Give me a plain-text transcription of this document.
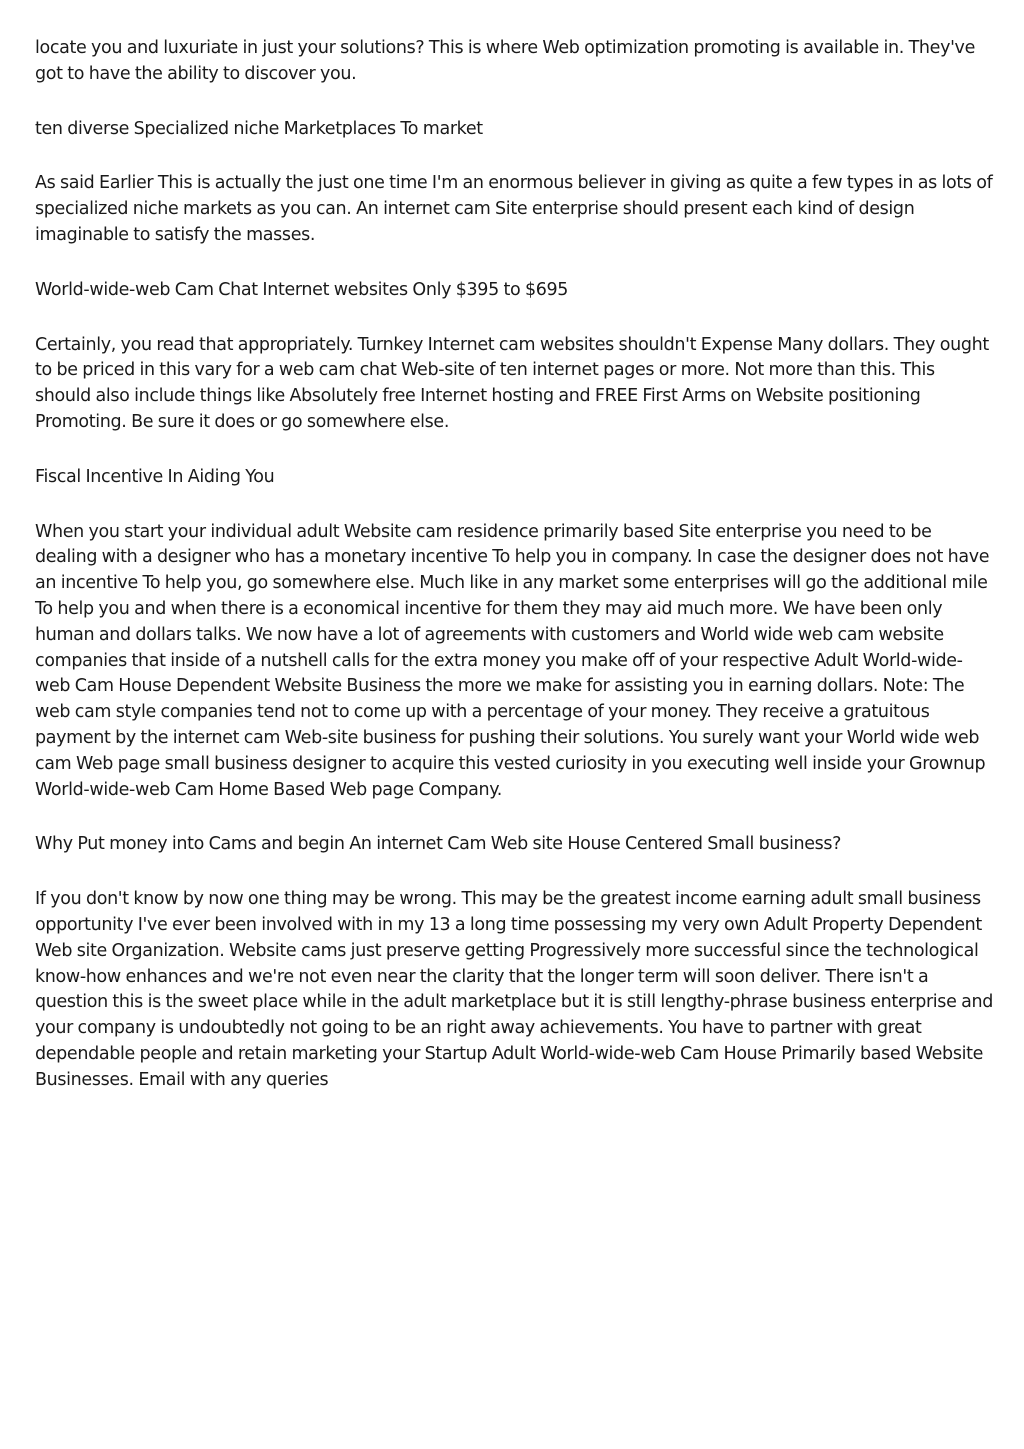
locate you and luxuriate in just your solutions? This is where Web optimization promoting is available in. They've got to have the ability to discover you.

ten diverse Specialized niche Marketplaces To market

As said Earlier This is actually the just one time I'm an enormous believer in giving as quite a few types in as lots of specialized niche markets as you can. An internet cam Site enterprise should present each kind of design imaginable to satisfy the masses.

World-wide-web Cam Chat Internet websites Only $395 to $695

Certainly, you read that appropriately. Turnkey Internet cam websites shouldn't Expense Many dollars. They ought to be priced in this vary for a web cam chat Web-site of ten internet pages or more. Not more than this. This should also include things like Absolutely free Internet hosting and FREE First Arms on Website positioning Promoting. Be sure it does or go somewhere else.

Fiscal Incentive In Aiding You

When you start your individual adult Website cam residence primarily based Site enterprise you need to be dealing with a designer who has a monetary incentive To help you in company. In case the designer does not have an incentive To help you, go somewhere else. Much like in any market some enterprises will go the additional mile To help you and when there is a economical incentive for them they may aid much more. We have been only human and dollars talks. We now have a lot of agreements with customers and World wide web cam website companies that inside of a nutshell calls for the extra money you make off of your respective Adult World-wide-web Cam House Dependent Website Business the more we make for assisting you in earning dollars. Note: The web cam style companies tend not to come up with a percentage of your money. They receive a gratuitous payment by the internet cam Web-site business for pushing their solutions. You surely want your World wide web cam Web page small business designer to acquire this vested curiosity in you executing well inside your Grownup World-wide-web Cam Home Based Web page Company.

Why Put money into Cams and begin An internet Cam Web site House Centered Small business?

If you don't know by now one thing may be wrong. This may be the greatest income earning adult small business opportunity I've ever been involved with in my 13 a long time possessing my very own Adult Property Dependent Web site Organization. Website cams just preserve getting Progressively more successful since the technological know-how enhances and we're not even near the clarity that the longer term will soon deliver. There isn't a question this is the sweet place while in the adult marketplace but it is still lengthy-phrase business enterprise and your company is undoubtedly not going to be an right away achievements. You have to partner with great dependable people and retain marketing your Startup Adult World-wide-web Cam House Primarily based Website Businesses. Email with any queries
